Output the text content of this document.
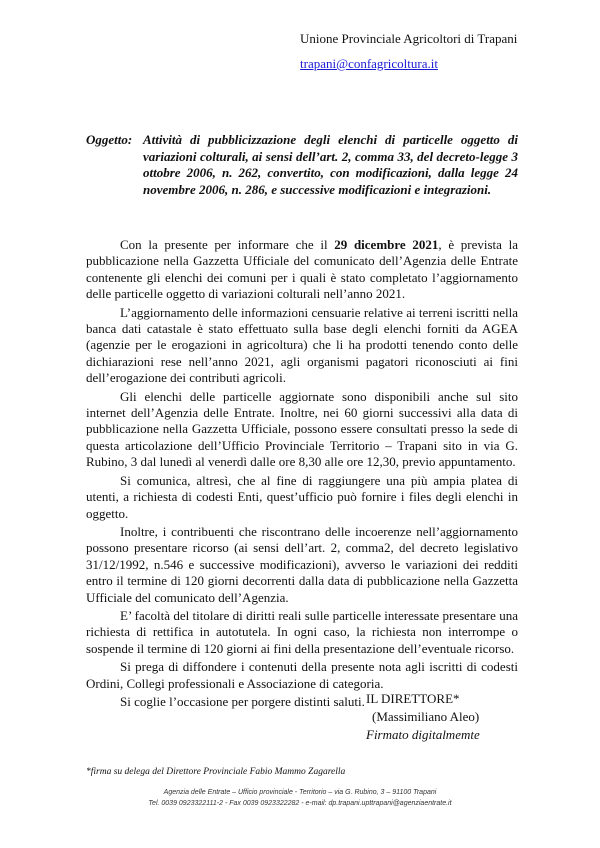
Unione Provinciale Agricoltori di Trapani
trapani@confagricoltura.it
Oggetto: Attività di pubblicizzazione degli elenchi di particelle oggetto di variazioni colturali, ai sensi dell’art. 2, comma 33, del decreto-legge 3 ottobre 2006, n. 262, convertito, con modificazioni, dalla legge 24 novembre 2006, n. 286, e successive modificazioni e integrazioni.

Con la presente per informare che il 29 dicembre 2021, è prevista la pubblicazione nella Gazzetta Ufficiale del comunicato dell’Agenzia delle Entrate contenente gli elenchi dei comuni per i quali è stato completato l’aggiornamento delle particelle oggetto di variazioni colturali nell’anno 2021.

L’aggiornamento delle informazioni censuarie relative ai terreni iscritti nella banca dati catastale è stato effettuato sulla base degli elenchi forniti da AGEA (agenzie per le erogazioni in agricoltura) che li ha prodotti tenendo conto delle dichiarazioni rese nell’anno 2021, agli organismi pagatori riconosciuti ai fini dell’erogazione dei contributi agricoli.

Gli elenchi delle particelle aggiornate sono disponibili anche sul sito internet dell’Agenzia delle Entrate. Inoltre, nei 60 giorni successivi alla data di pubblicazione nella Gazzetta Ufficiale, possono essere consultati presso la sede di questa articolazione dell’Ufficio Provinciale Territorio – Trapani sito in via G. Rubino, 3 dal lunedì al venerdì dalle ore 8,30 alle ore 12,30, previo appuntamento.

Si comunica, altresì, che al fine di raggiungere una più ampia platea di utenti, a richiesta di codesti Enti, quest’ufficio può fornire i files degli elenchi in oggetto.

Inoltre, i contribuenti che riscontrano delle incoerenze nell’aggiornamento possono presentare ricorso (ai sensi dell’art. 2, comma2, del decreto legislativo 31/12/1992, n.546 e successive modificazioni), avverso le variazioni dei redditi entro il termine di 120 giorni decorrenti dalla data di pubblicazione nella Gazzetta Ufficiale del comunicato dell’Agenzia.

E’ facoltà del titolare di diritti reali sulle particelle interessate presentare una richiesta di rettifica in autotutela. In ogni caso, la richiesta non interrompe o sospende il termine di 120 giorni ai fini della presentazione dell’eventuale ricorso.

Si prega di diffondere i contenuti della presente nota agli iscritti di codesti Ordini, Collegi professionali e Associazione di categoria.

Si coglie l’occasione per porgere distinti saluti. IL DIRETTORE*
(Massimiliano Aleo)
Firmato digitalmemte
*firma su delega del Direttore Provinciale Fabio Mammo Zagarella
Agenzia delle Entrate – Ufficio provinciale - Territorio – via G. Rubino, 3 – 91100 Trapani
Tel. 0039 0923322111-2 - Fax 0039 0923322282 - e-mail: dp.trapani.upttrapani@agenziaentrate.it
